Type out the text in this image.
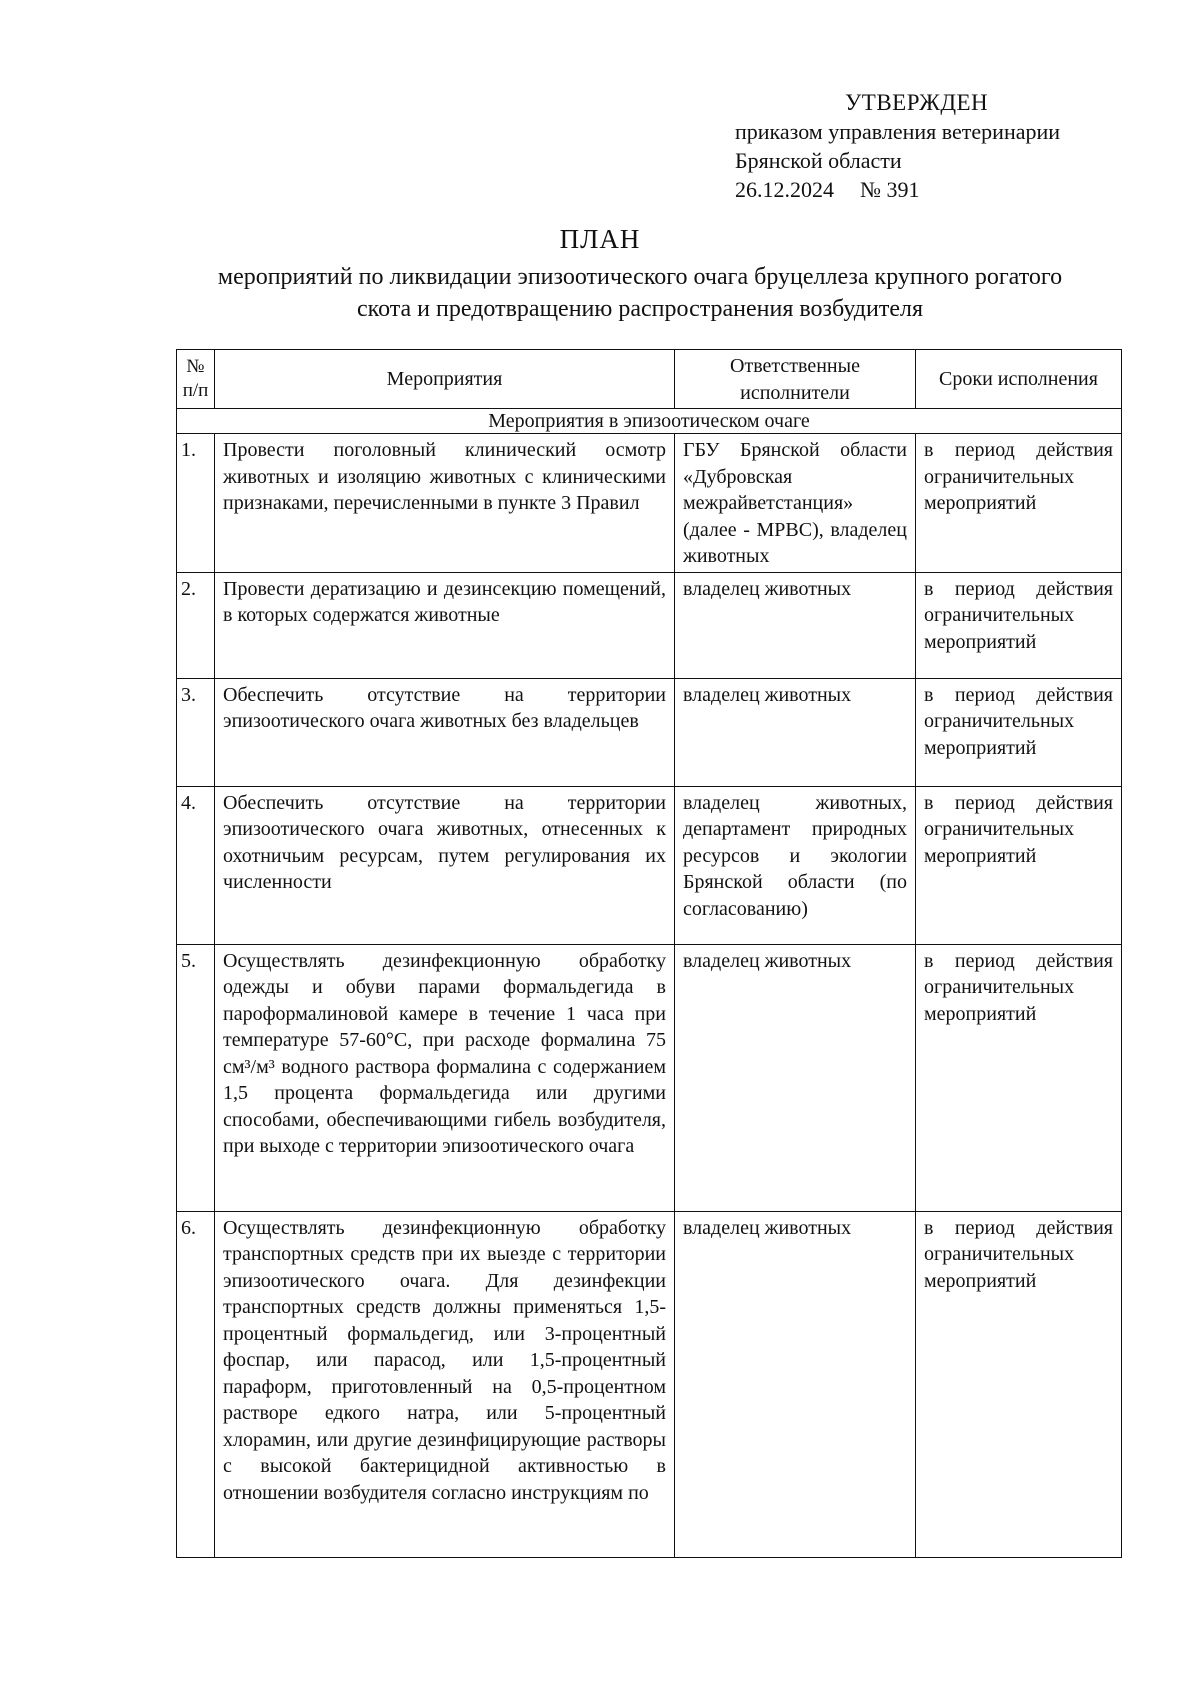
УТВЕРЖДЕН
приказом управления ветеринарии
Брянской области
26.12.2024 № 391
ПЛАН
мероприятий по ликвидации эпизоотического очага бруцеллеза крупного рогатого скота и предотвращению распространения возбудителя
№ п/п	Мероприятия	Ответственные исполнители	Сроки исполнения
Мероприятия в эпизоотическом очаге			
1.	Провести поголовный клинический осмотр животных и изоляцию животных с клиническими признаками, перечисленными в пункте 3 Правил	ГБУ Брянской области «Дубровская межрайветстанция» (далее - МРВС), владелец животных	в период действия ограничительных мероприятий
2.	Провести дератизацию и дезинсекцию помещений, в которых содержатся животные	владелец животных	в период действия ограничительных мероприятий
3.	Обеспечить отсутствие на территории эпизоотического очага животных без владельцев	владелец животных	в период действия ограничительных мероприятий
4.	Обеспечить отсутствие на территории эпизоотического очага животных, отнесенных к охотничьим ресурсам, путем регулирования их численности	владелец животных, департамент природных ресурсов и экологии Брянской области (по согласованию)	в период действия ограничительных мероприятий
5.	Осуществлять дезинфекционную обработку одежды и обуви парами формальдегида в пароформалиновой камере в течение 1 часа при температуре 57-60°С, при расходе формалина 75 см³/м³ водного раствора формалина с содержанием 1,5 процента формальдегида или другими способами, обеспечивающими гибель возбудителя, при выходе с территории эпизоотического очага	владелец животных	в период действия ограничительных мероприятий
6.	Осуществлять дезинфекционную обработку транспортных средств при их выезде с территории эпизоотического очага. Для дезинфекции транспортных средств должны применяться 1,5-процентный формальдегид, или 3-процентный фоспар, или парасод, или 1,5-процентный параформ, приготовленный на 0,5-процентном растворе едкого натра, или 5-процентный хлорамин, или другие дезинфицирующие растворы с высокой бактерицидной активностью в отношении возбудителя согласно инструкциям по	владелец животных	в период действия ограничительных мероприятий
